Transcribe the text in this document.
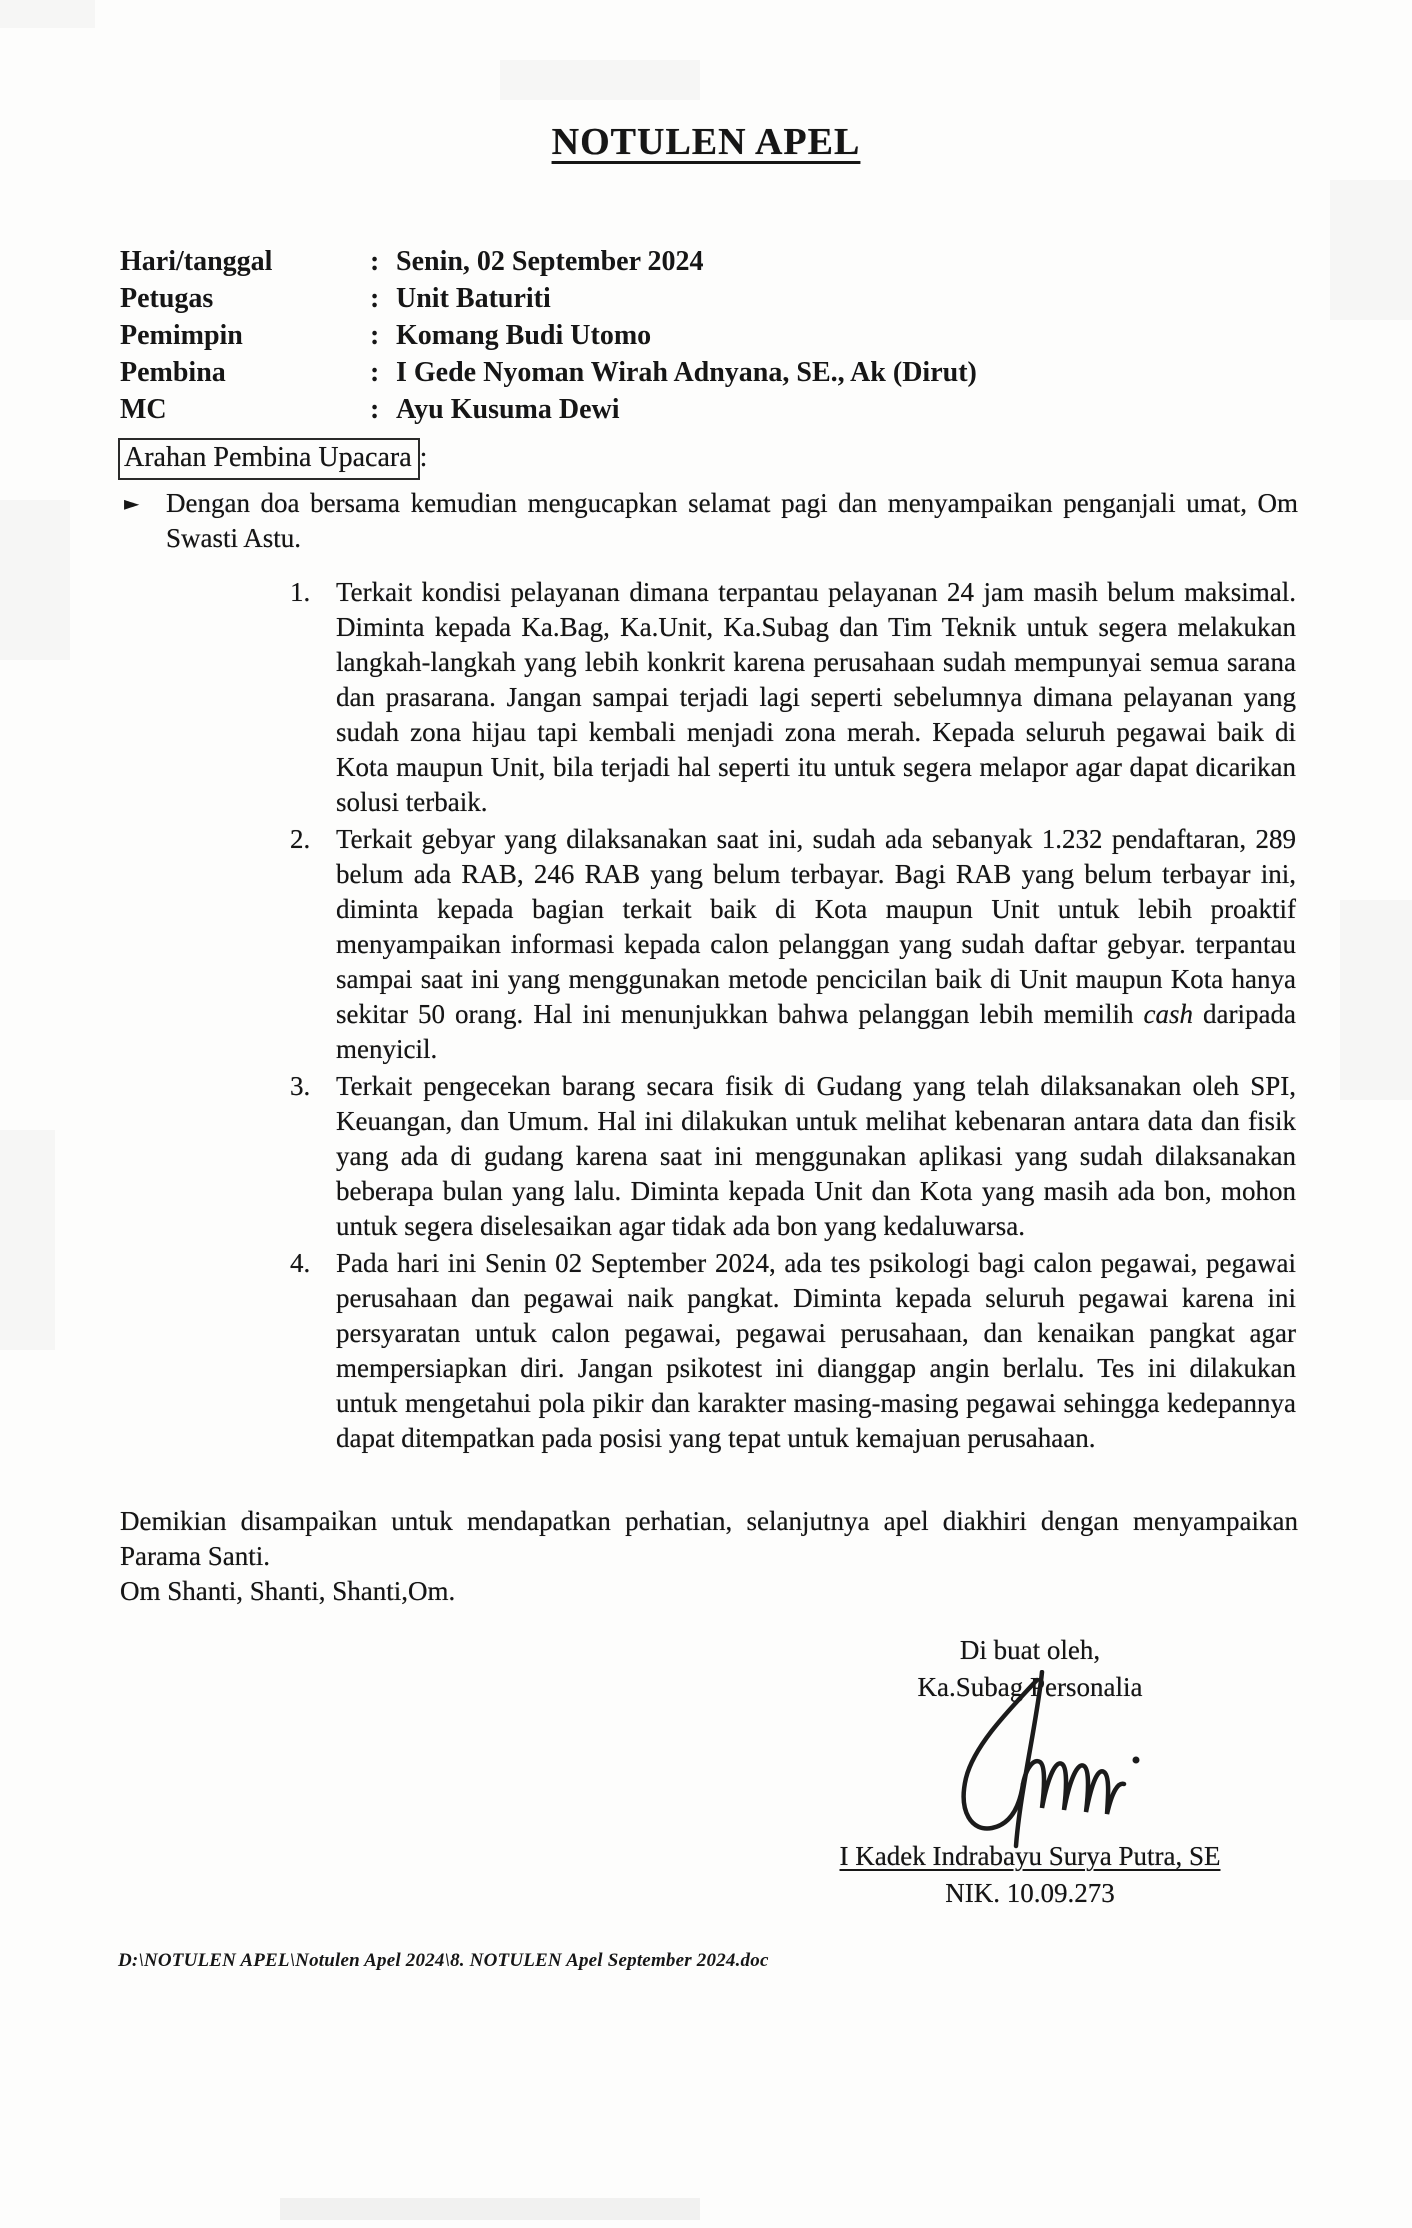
NOTULEN APEL
Hari/tanggal	: Senin, 02 September 2024
Petugas	: Unit Baturiti
Pemimpin	: Komang Budi Utomo
Pembina	: I Gede Nyoman Wirah Adnyana, SE., Ak (Dirut)
MC	: Ayu Kusuma Dewi
Arahan Pembina Upacara :
► Dengan doa bersama kemudian mengucapkan selamat pagi dan menyampaikan penganjali umat, Om Swasti Astu.
1. Terkait kondisi pelayanan dimana terpantau pelayanan 24 jam masih belum maksimal. Diminta kepada Ka.Bag, Ka.Unit, Ka.Subag dan Tim Teknik untuk segera melakukan langkah-langkah yang lebih konkrit karena perusahaan sudah mempunyai semua sarana dan prasarana. Jangan sampai terjadi lagi seperti sebelumnya dimana pelayanan yang sudah zona hijau tapi kembali menjadi zona merah. Kepada seluruh pegawai baik di Kota maupun Unit, bila terjadi hal seperti itu untuk segera melapor agar dapat dicarikan solusi terbaik.
2. Terkait gebyar yang dilaksanakan saat ini, sudah ada sebanyak 1.232 pendaftaran, 289 belum ada RAB, 246 RAB yang belum terbayar. Bagi RAB yang belum terbayar ini, diminta kepada bagian terkait baik di Kota maupun Unit untuk lebih proaktif menyampaikan informasi kepada calon pelanggan yang sudah daftar gebyar. terpantau sampai saat ini yang menggunakan metode pencicilan baik di Unit maupun Kota hanya sekitar 50 orang. Hal ini menunjukkan bahwa pelanggan lebih memilih cash daripada menyicil.
3. Terkait pengecekan barang secara fisik di Gudang yang telah dilaksanakan oleh SPI, Keuangan, dan Umum. Hal ini dilakukan untuk melihat kebenaran antara data dan fisik yang ada di gudang karena saat ini menggunakan aplikasi yang sudah dilaksanakan beberapa bulan yang lalu. Diminta kepada Unit dan Kota yang masih ada bon, mohon untuk segera diselesaikan agar tidak ada bon yang kedaluwarsa.
4. Pada hari ini Senin 02 September 2024, ada tes psikologi bagi calon pegawai, pegawai perusahaan dan pegawai naik pangkat. Diminta kepada seluruh pegawai karena ini persyaratan untuk calon pegawai, pegawai perusahaan, dan kenaikan pangkat agar mempersiapkan diri. Jangan psikotest ini dianggap angin berlalu. Tes ini dilakukan untuk mengetahui pola pikir dan karakter masing-masing pegawai sehingga kedepannya dapat ditempatkan pada posisi yang tepat untuk kemajuan perusahaan.
Demikian disampaikan untuk mendapatkan perhatian, selanjutnya apel diakhiri dengan menyampaikan Parama Santi.
Om Shanti, Shanti, Shanti,Om.
Di buat oleh,
Ka.Subag Personalia
I Kadek Indrabayu Surya Putra, SE
NIK. 10.09.273
D:\NOTULEN APEL\Notulen Apel 2024\8. NOTULEN Apel September 2024.doc
